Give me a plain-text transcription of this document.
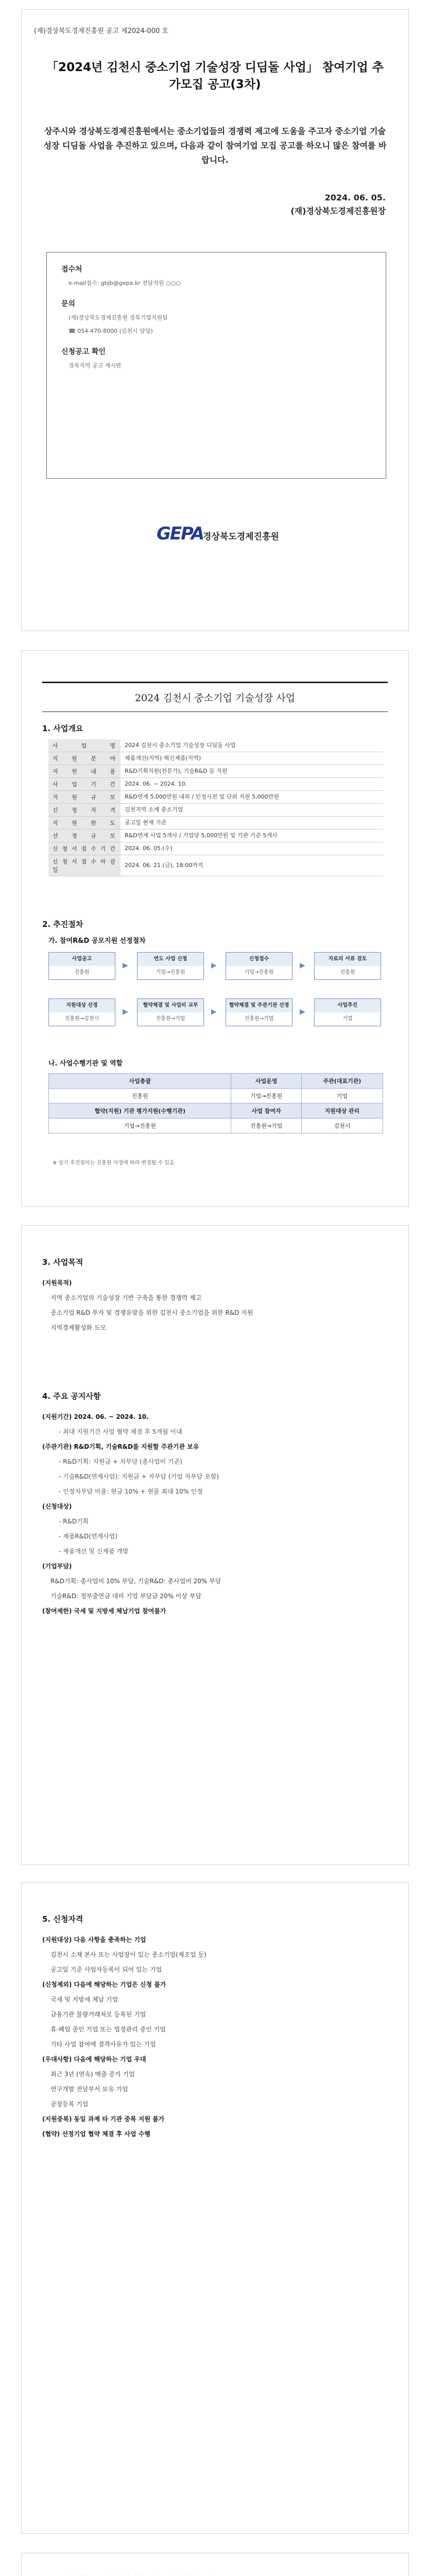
(재)경상북도경제진흥원 공고 제2024-000 호
「2024년 김천시 중소기업 기술성장 디딤돌 사업」 참여기업 추가모집 공고(3차)
상주시와 경상북도경제진흥원에서는 중소기업들의 경쟁력 제고에 도움을 주고자 중소기업 기술성장 디딤돌 사업을 추진하고 있으며, 다음과 같이 참여기업 모집 공고를 하오니 많은 참여를 바랍니다.
2024. 06. 05.
(재)경상북도경제진흥원장
접수처
e-mail접수: gbjb@gepa.kr 전담직원 ○○○
문의
(재)경상북도경제진흥원 경북기업지원팀
☎ 054-470-8000 (김천시 담당)
신청공고 확인
경북지역 공고 게시판
GEPA
경상북도경제진흥원
2024 김천시 중소기업 기술성장 사업
1. 사업개요
사 업 명	2024 김천시 중소기업 기술성장 디딤돌 사업
지 원 분 야	제품개선(지역)·혁신제품(지역)
지 원 내 용	R&D기획지원(전문가), 기술R&D 등 지원
사 업 기 간	2024. 06. ~ 2024. 10.
지 원 규 모	R&D연계 5,000만원 내외 / 인정사전 및 단위 지원 5,000만원
신 청 자 격	김천지역 소재 중소기업
지 원 한 도	공고일 현재 기준
선 정 규 모	R&D연계 사업 5개사 / 기업당 5,000만원 및 기관 기준 5개사
신 청 서 접 수 기 간	2024. 06. 05.(수)
신 청 서 접 수 마 감 일	2024. 06. 21.(금), 18:00까지
2. 추진절차
가. 참여R&D 공모지원 선정절차
사업공고
진흥원
▶
연도 사업 신청
기업→진흥원
▶
신청접수
기업→진흥원
▶
자료의 서류 검토
진흥원
지원대상 선정
진흥원→김천시
▶
협약체결 및 사업비 교부
진흥원→기업
▶
협약체결 및 주관기관 선정
진흥원→기업
▶
사업추진
기업
나. 사업수행기관 및 역할
사업총괄	사업운영	주관(대표기관)
진흥원	기업→진흥원	기업
협약(지원) 기관 평가지원(수행기관)	사업 참여자	지원대상 관리
기업→진흥원	진흥원→기업	김천시
※ 상기 추진절차는 진흥원 사정에 따라 변경될 수 있음
3. 사업목적
(지원목적)
지역 중소기업의 기술성장 기반 구축을 통한 경쟁력 제고
중소기업 R&D 투자 및 경쟁유발을 위한 김천시 중소기업을 위한 R&D 지원
지역경제활성화 도모
4. 주요 공지사항
(지원기간) 2024. 06. ~ 2024. 10.
- 최대 지원기간 사업 협약 체결 후 5개월 이내
(주관기관) R&D기획, 기술R&D를 지원할 주관기관 보유
- R&D기획: 지원금 + 자부담 (총사업비 기준)
- 기술R&D(연계사업): 지원금 + 자부담 (기업 자부담 포함)
- 인정자부담 비율: 현금 10% + 현물 최대 10% 인정
(신청대상)
- R&D기획
- 제품R&D(연계사업)
- 제품개선 및 신제품 개발
(기업부담)
R&D기획: 총사업비 10% 부담, 기술R&D: 총사업비 20% 부담
기술R&D: 정부출연금 대비 기업 부담금 20% 이상 부담
(참여제한) 국세 및 지방세 체납기업 참여불가
5. 신청자격
(지원대상) 다음 사항을 충족하는 기업
김천시 소재 본사 또는 사업장이 있는 중소기업(제조업 등)
공고일 기준 사업자등록이 되어 있는 기업
(신청제외) 다음에 해당하는 기업은 신청 불가
국세 및 지방세 체납 기업
금융기관 불량거래처로 등록된 기업
휴·폐업 중인 기업 또는 법정관리 중인 기업
기타 사업 참여에 결격사유가 있는 기업
(우대사항) 다음에 해당하는 기업 우대
최근 3년 (연속) 매출 증가 기업
연구개발 전담부서 보유 기업
공장등록 기업
(지원중복) 동일 과제 타 기관 중복 지원 불가
(협약) 선정기업 협약 체결 후 사업 수행
